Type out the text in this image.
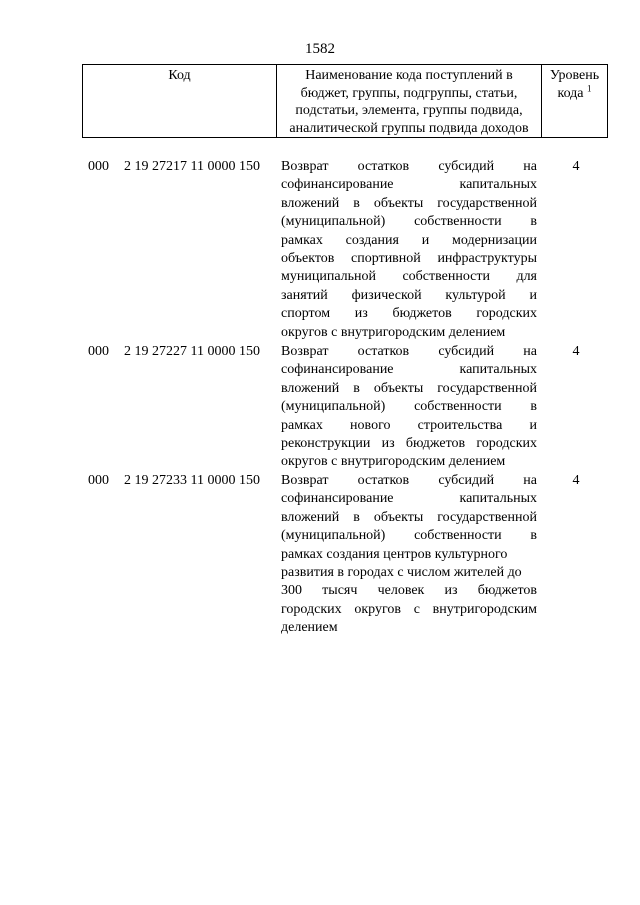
1582
Код	Наименование кода поступлений в бюджет, группы, подгруппы, статьи, подстатьи, элемента, группы подвида, аналитической группы подвида доходов
Уровень
кода $^1$
000 2 19 27217 11 0000 150 Возврат остатков субсидий на
софинансирование капитальных
вложений в объекты государственной
(муниципальной) собственности в
рамках создания и модернизации
объектов спортивной инфраструктуры
муниципальной собственности для
занятий физической культурой и
спортом из бюджетов городских
округов с внутригородским делением
4
000 2 19 27227 11 0000 150 Возврат остатков субсидий на
софинансирование капитальных
вложений в объекты государственной
(муниципальной) собственности в
рамках нового строительства и
реконструкции из бюджетов городских
округов с внутригородским делением
4
000 2 19 27233 11 0000 150 Возврат остатков субсидий на
софинансирование капитальных
вложений в объекты государственной
(муниципальной) собственности в
рамках создания центров культурного
развития в городах с числом жителей до
300 тысяч человек из бюджетов
городских округов с внутригородским
делением
4
